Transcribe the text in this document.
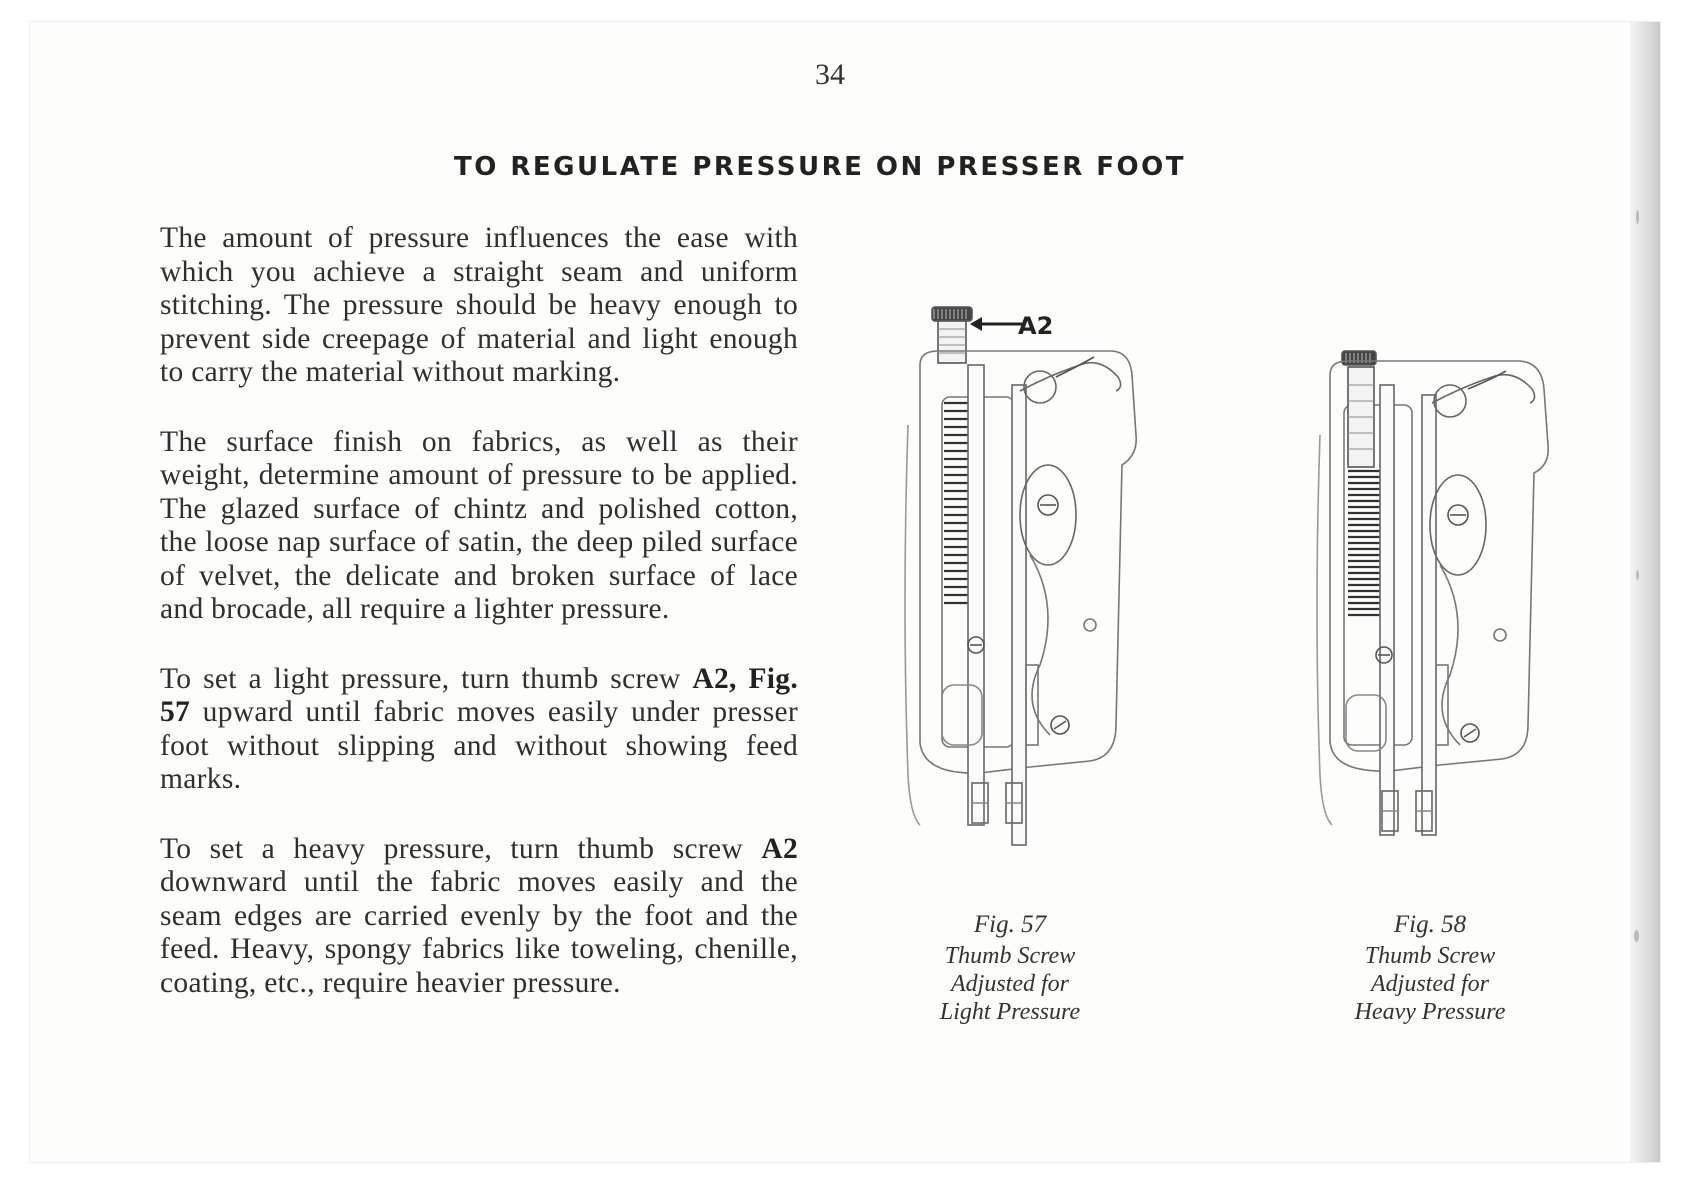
34
TO REGULATE PRESSURE ON PRESSER FOOT

The amount of pressure influences the ease with which you achieve a straight seam and uniform stitching. The pressure should be heavy enough to prevent side creepage of material and light enough to carry the material without marking.

The surface finish on fabrics, as well as their weight, determine amount of pressure to be applied. The glazed surface of chintz and polished cotton, the loose nap surface of satin, the deep piled surface of velvet, the delicate and broken surface of lace and brocade, all require a lighter pressure.

To set a light pressure, turn thumb screw A2, Fig. 57 upward until fabric moves easily under presser foot without slipping and without showing feed marks.

To set a heavy pressure, turn thumb screw A2 downward until the fabric moves easily and the seam edges are carried evenly by the foot and the feed. Heavy, spongy fabrics like toweling, chenille, coating, etc., require heavier pressure.

A2
Fig. 57
Thumb Screw
Adjusted for
Light Pressure
Fig. 58
Thumb Screw
Adjusted for
Heavy Pressure
